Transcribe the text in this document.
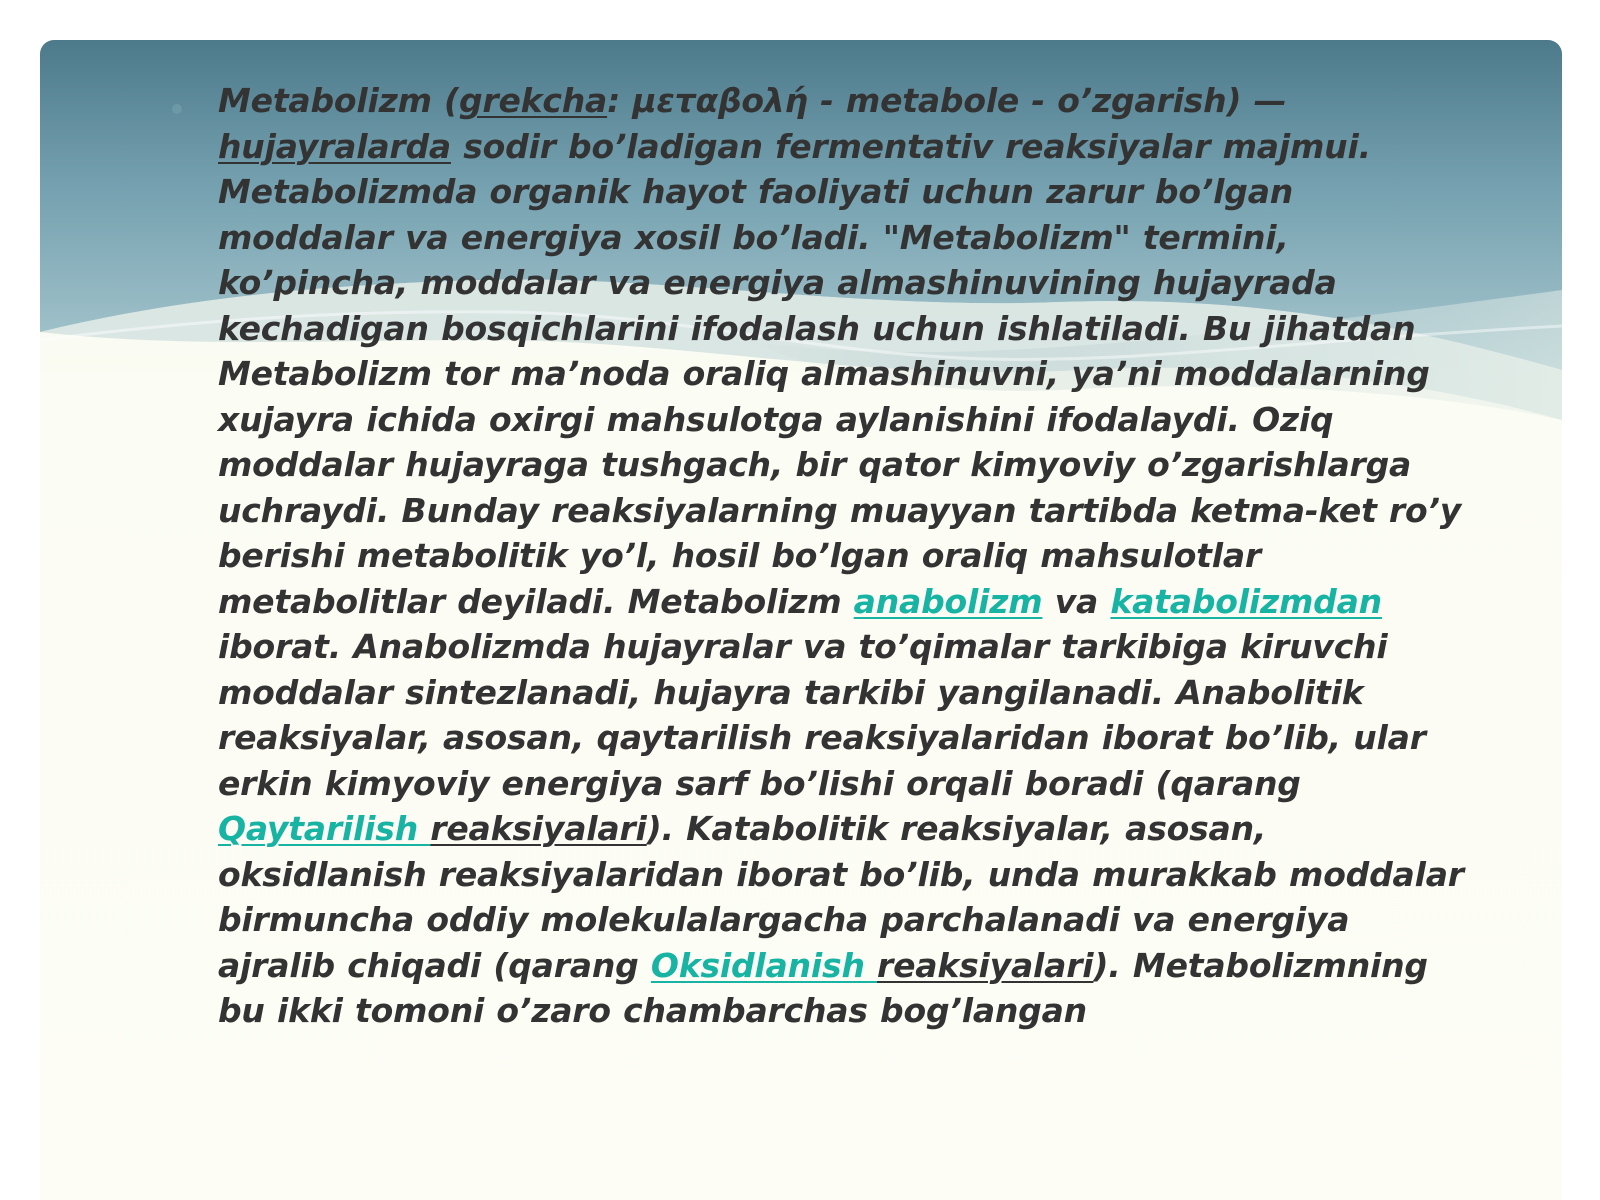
Metabolizm (grekcha: μεταβολή - metabole - o’zgarish) — hujayralarda sodir bo’ladigan fermentativ reaksiyalar majmui. Metabolizmda organik hayot faoliyati uchun zarur bo’lgan moddalar va energiya xosil bo’ladi. "Metabolizm" termini, ko’pincha, moddalar va energiya almashinuvining hujayrada kechadigan bosqichlarini ifodalash uchun ishlatiladi. Bu jihatdan Metabolizm tor ma’noda oraliq almashinuvni, ya’ni moddalarning xujayra ichida oxirgi mahsulotga aylanishini ifodalaydi. Oziq moddalar hujayraga tushgach, bir qator kimyoviy o’zgarishlarga uchraydi. Bunday reaksiyalarning muayyan tartibda ketma-ket ro’y berishi metabolitik yo’l, hosil bo’lgan oraliq mahsulotlar metabolitlar deyiladi. Metabolizm anabolizm va katabolizmdan iborat. Anabolizmda hujayralar va to’qimalar tarkibiga kiruvchi moddalar sintezlanadi, hujayra tarkibi yangilanadi. Anabolitik reaksiyalar, asosan, qaytarilish reaksiyalaridan iborat bo’lib, ular erkin kimyoviy energiya sarf bo’lishi orqali boradi (qarang Qaytarilish reaksiyalari). Katabolitik reaksiyalar, asosan, oksidlanish reaksiyalaridan iborat bo’lib, unda murakkab moddalar birmuncha oddiy molekulalargacha parchalanadi va energiya ajralib chiqadi (qarang Oksidlanish reaksiyalari). Metabolizmning bu ikki tomoni o’zaro chambarchas bog’langan
